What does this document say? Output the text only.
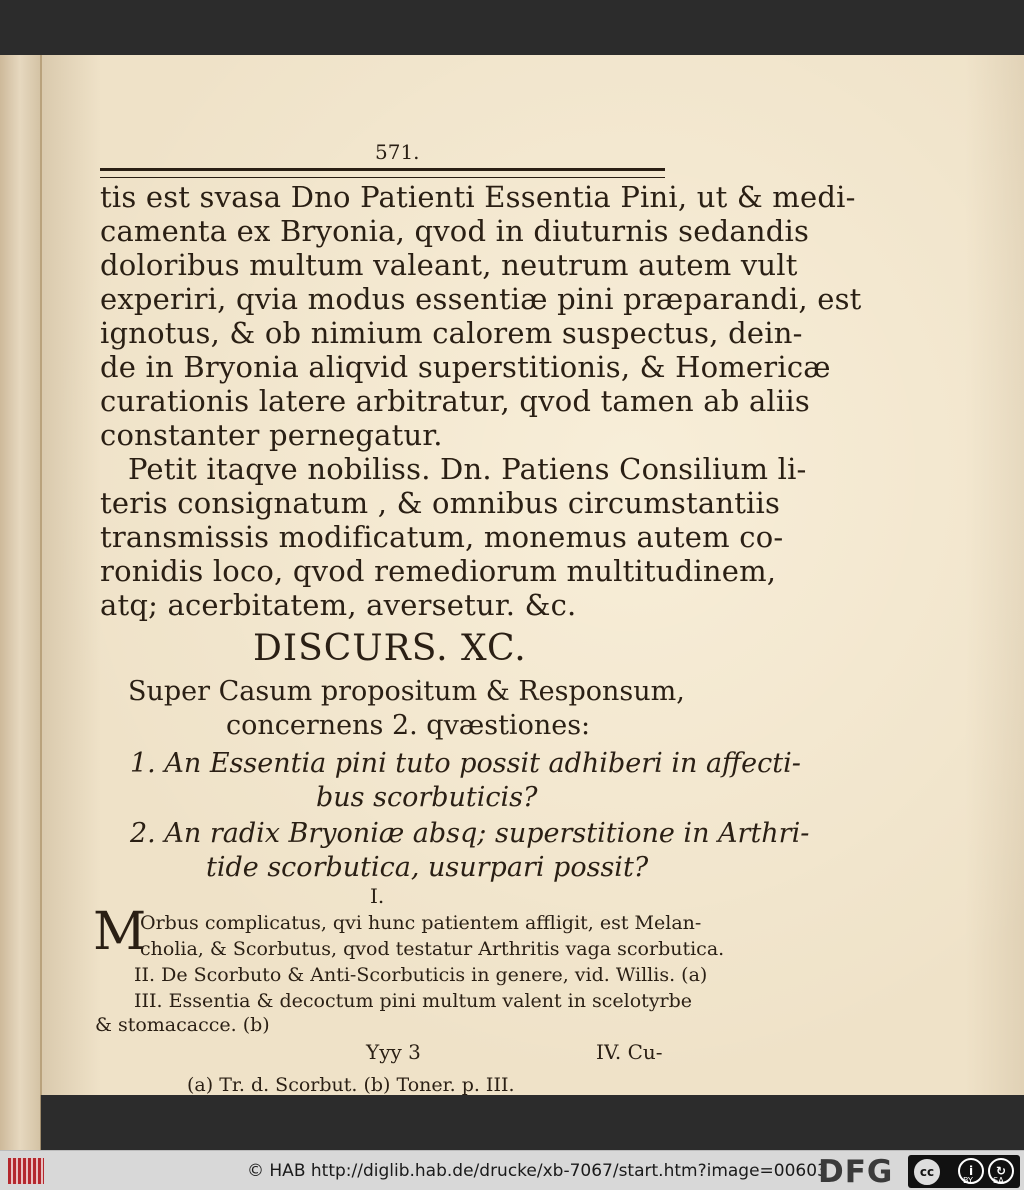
571.
tis est svasa Dno Patienti Essentia Pini, ut & medi-
camenta ex Bryonia, qvod in diuturnis sedandis
doloribus multum valeant, neutrum autem vult
experiri, qvia modus essentiæ pini præparandi, est
ignotus, & ob nimium calorem suspectus, dein-
de in Bryonia aliqvid superstitionis, & Homericæ
curationis latere arbitratur, qvod tamen ab aliis
constanter pernegatur.
Petit itaqve nobiliss. Dn. Patiens Consilium li-
teris consignatum , & omnibus circumstantiis
transmissis modificatum, monemus autem co-
ronidis loco, qvod remediorum multitudinem,
atq; acerbitatem, aversetur. &c.
DISCURS. XC.
Super Casum propositum & Responsum,
concernens 2. qvæstiones:
1. An Essentia pini tuto possit adhiberi in affecti-
bus scorbuticis?
2. An radix Bryoniæ absq; superstitione in Arthri-
tide scorbutica, usurpari possit?
I.
M
Orbus complicatus, qvi hunc patientem affligit, est Melan-
cholia, & Scorbutus, qvod testatur Arthritis vaga scorbutica.
II. De Scorbuto & Anti-Scorbuticis in genere, vid. Willis. (a)
III. Essentia & decoctum pini multum valent in scelotyrbe
& stomacacce. (b)
Yyy 3	IV. Cu-
(a) Tr. d. Scorbut. (b) Toner. p. III.
© HAB http://diglib.hab.de/drucke/xb-7067/start.htm?image=00603
DFG	cc	i	↻
BY	SA
